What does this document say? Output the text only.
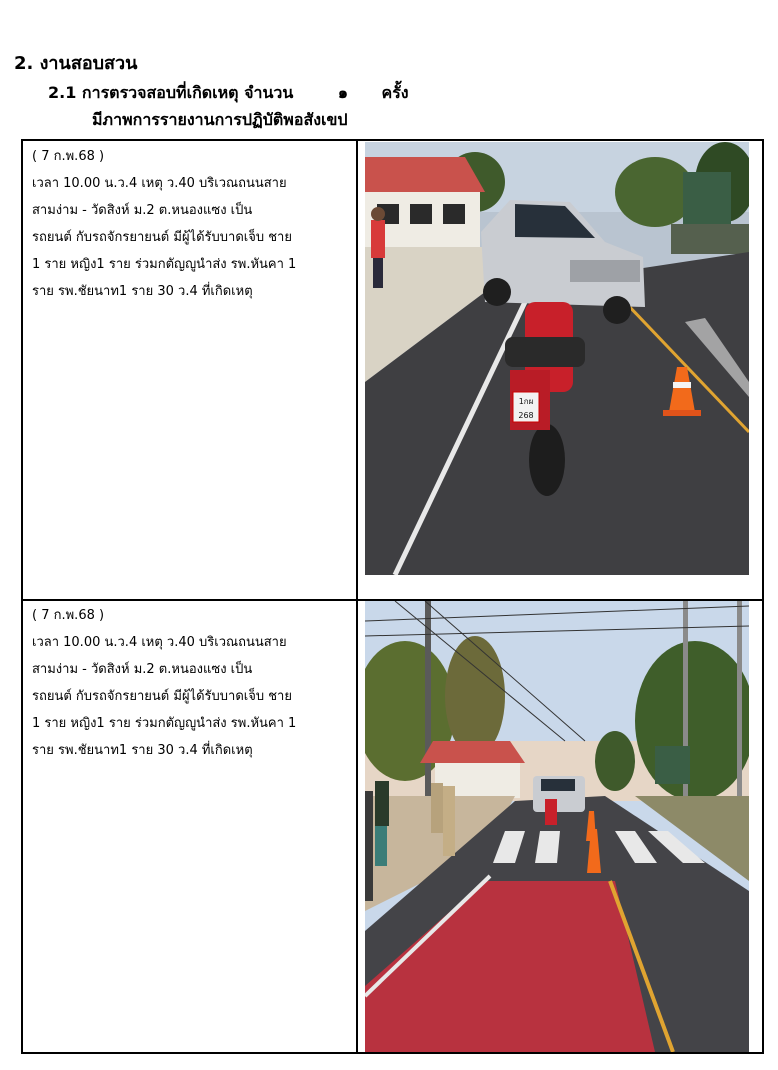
2. งานสอบสวน
2.1 การตรวจสอบที่เกิดเหตุ จำนวน	๑ ครั้ง
มีภาพการรายงานการปฏิบัติพอสังเขป
( 7 ก.พ.68 )
เวลา 10.00 น.ว.4 เหตุ ว.40 บริเวณถนนสาย
สามง่าม - วัดสิงห์ ม.2 ต.หนองแซง เป็น
รถยนต์ กับรถจักรยายนต์ มีผู้ได้รับบาดเจ็บ ชาย
1 ราย หญิง1 ราย ร่วมกตัญญูนำส่ง รพ.หันคา 1
ราย รพ.ชัยนาท1 ราย 30 ว.4 ที่เกิดเหตุ
1กผ
268
( 7 ก.พ.68 )
เวลา 10.00 น.ว.4 เหตุ ว.40 บริเวณถนนสาย
สามง่าม - วัดสิงห์ ม.2 ต.หนองแซง เป็น
รถยนต์ กับรถจักรยายนต์ มีผู้ได้รับบาดเจ็บ ชาย
1 ราย หญิง1 ราย ร่วมกตัญญูนำส่ง รพ.หันคา 1
ราย รพ.ชัยนาท1 ราย 30 ว.4 ที่เกิดเหตุ
